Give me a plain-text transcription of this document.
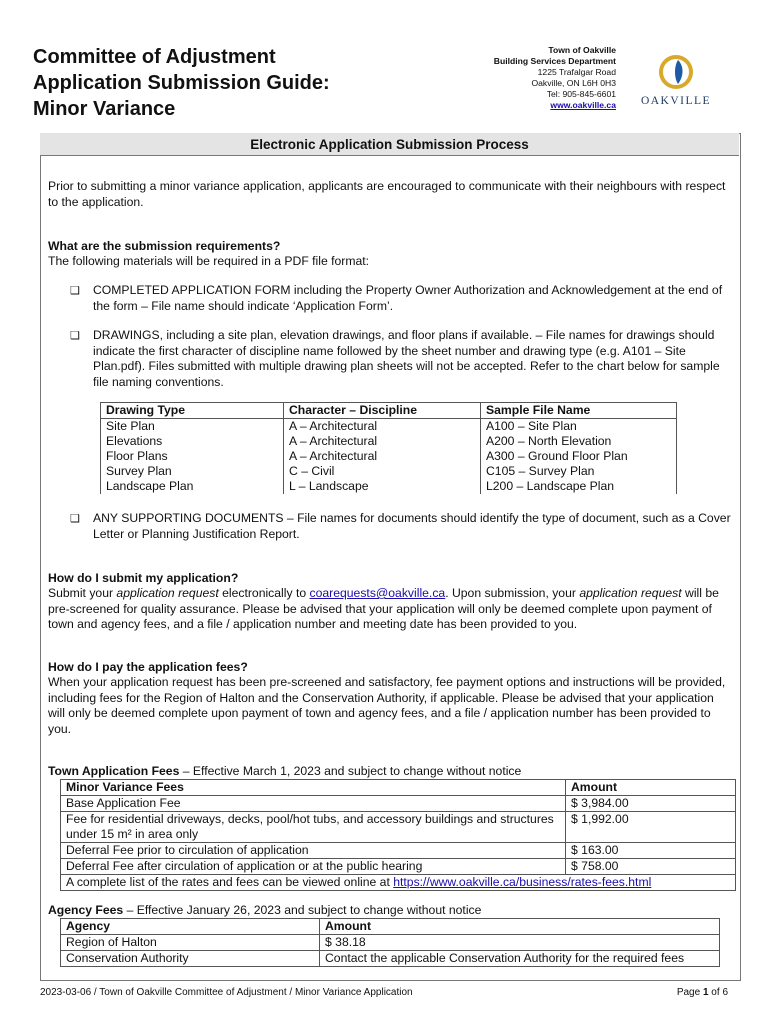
Committee of Adjustment
Application Submission Guide:
Minor Variance
Town of Oakville
Building Services Department
1225 Trafalgar Road
Oakville, ON L6H 0H3
Tel: 905-845-6601
www.oakville.ca OAKVILLE
Electronic Application Submission Process
Prior to submitting a minor variance application, applicants are encouraged to communicate with their neighbours with respect to the application.
What are the submission requirements?
The following materials will be required in a PDF file format:
❑ COMPLETED APPLICATION FORM including the Property Owner Authorization and Acknowledgement at the end of the form – File name should indicate ‘Application Form’.
❑ DRAWINGS, including a site plan, elevation drawings, and floor plans if available. – File names for drawings should indicate the first character of discipline name followed by the sheet number and drawing type (e.g. A101 – Site Plan.pdf). Files submitted with multiple drawing plan sheets will not be accepted. Refer to the chart below for sample file naming conventions.
Drawing Type	Character – Discipline	Sample File Name
Site Plan	A – Architectural	A100 – Site Plan
Elevations	A – Architectural	A200 – North Elevation
Floor Plans	A – Architectural	A300 – Ground Floor Plan
Survey Plan	C – Civil	C105 – Survey Plan
Landscape Plan	L – Landscape	L200 – Landscape Plan
❑ ANY SUPPORTING DOCUMENTS – File names for documents should identify the type of document, such as a Cover Letter or Planning Justification Report.
How do I submit my application?
Submit your application request electronically to coarequests@oakville.ca. Upon submission, your application request will be pre-screened for quality assurance. Please be advised that your application will only be deemed complete upon payment of town and agency fees, and a file / application number and meeting date has been provided to you.
How do I pay the application fees?
When your application request has been pre-screened and satisfactory, fee payment options and instructions will be provided, including fees for the Region of Halton and the Conservation Authority, if applicable. Please be advised that your application will only be deemed complete upon payment of town and agency fees, and a file / application number has been provided to you.
Town Application Fees – Effective March 1, 2023 and subject to change without notice
Minor Variance Fees	Amount
Base Application Fee	$ 3,984.00
Fee for residential driveways, decks, pool/hot tubs, and accessory buildings and structures under 15 m² in area only	$ 1,992.00
Deferral Fee prior to circulation of application	$ 163.00
Deferral Fee after circulation of application or at the public hearing	$ 758.00
A complete list of the rates and fees can be viewed online at https://www.oakville.ca/business/rates-fees.html	
Agency Fees – Effective January 26, 2023 and subject to change without notice
Agency	Amount
Region of Halton	$ 38.18
Conservation Authority	Contact the applicable Conservation Authority for the required fees
2023-03-06 / Town of Oakville Committee of Adjustment / Minor Variance Application	Page 1 of 6
